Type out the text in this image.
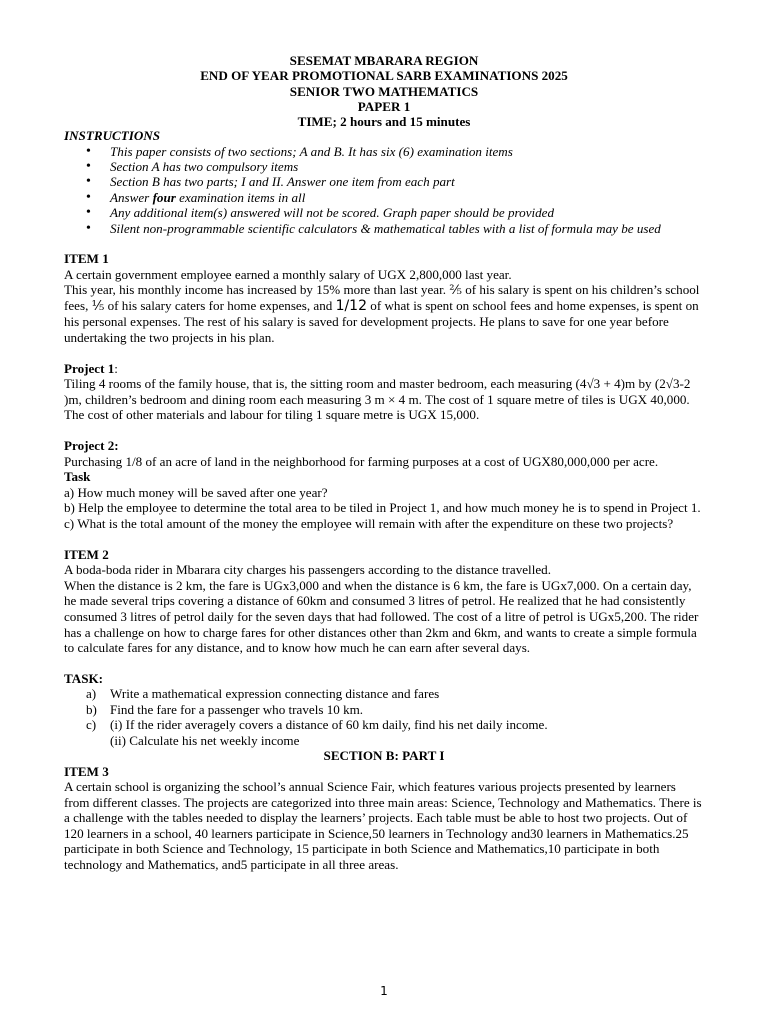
SESEMAT MBARARA REGION
END OF YEAR PROMOTIONAL SARB EXAMINATIONS 2025
SENIOR TWO MATHEMATICS
PAPER 1
TIME; 2 hours and 15 minutes
INSTRUCTIONS
• This paper consists of two sections; A and B. It has six (6) examination items
• Section A has two compulsory items
• Section B has two parts; I and II. Answer one item from each part
• Answer four examination items in all
• Any additional item(s) answered will not be scored. Graph paper should be provided
• Silent non-programmable scientific calculators & mathematical tables with a list of formula may be used
ITEM 1

A certain government employee earned a monthly salary of UGX 2,800,000 last year.

This year, his monthly income has increased by 15% more than last year. ⅖ of his salary is spent on his children’s school fees, ⅕ of his salary caters for home expenses, and 1/12 of what is spent on school fees and home expenses, is spent on his personal expenses. The rest of his salary is saved for development projects. He plans to save for one year before undertaking the two projects in his plan.

Project 1:

Tiling 4 rooms of the family house, that is, the sitting room and master bedroom, each measuring (4√3 + 4)m by (2√3-2 )m, children’s bedroom and dining room each measuring 3 m × 4 m. The cost of 1 square metre of tiles is UGX 40,000. The cost of other materials and labour for tiling 1 square metre is UGX 15,000.

Project 2:

Purchasing 1/8 of an acre of land in the neighborhood for farming purposes at a cost of UGX80,000,000 per acre.

Task

a) How much money will be saved after one year?

b) Help the employee to determine the total area to be tiled in Project 1, and how much money he is to spend in Project 1.

c) What is the total amount of the money the employee will remain with after the expenditure on these two projects?

ITEM 2

A boda-boda rider in Mbarara city charges his passengers according to the distance travelled.

When the distance is 2 km, the fare is UGx3,000 and when the distance is 6 km, the fare is UGx7,000. On a certain day, he made several trips covering a distance of 60km and consumed 3 litres of petrol. He realized that he had consistently consumed 3 litres of petrol daily for the seven days that had followed. The cost of a litre of petrol is UGx5,200. The rider has a challenge on how to charge fares for other distances other than 2km and 6km, and wants to create a simple formula to calculate fares for any distance, and to know how much he can earn after several days.

TASK:

a) Write a mathematical expression connecting distance and fares
b) Find the fare for a passenger who travels 10 km.
c) (i) If the rider averagely covers a distance of 60 km daily, find his net daily income.
(ii) Calculate his net weekly income
SECTION B: PART I
ITEM 3

A certain school is organizing the school’s annual Science Fair, which features various projects presented by learners from different classes. The projects are categorized into three main areas: Science, Technology and Mathematics. There is a challenge with the tables needed to display the learners’ projects. Each table must be able to host two projects. Out of 120 learners in a school, 40 learners participate in Science,50 learners in Technology and30 learners in Mathematics.25 participate in both Science and Technology, 15 participate in both Science and Mathematics,10 participate in both technology and Mathematics, and5 participate in all three areas.

1
